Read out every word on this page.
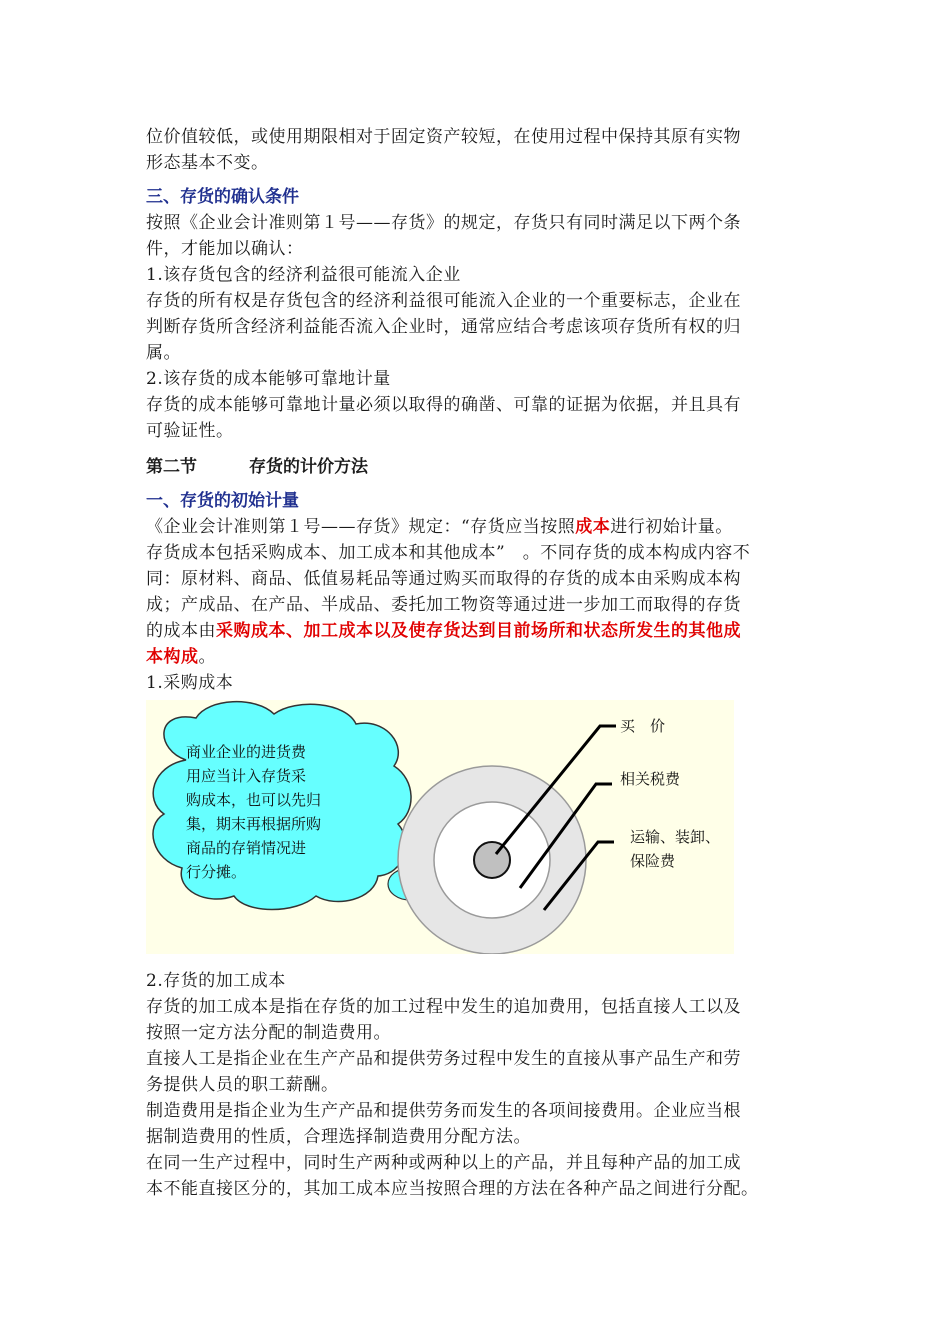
位价值较低，或使用期限相对于固定资产较短，在使用过程中保持其原有实物
形态基本不变。
三、存货的确认条件
按照《企业会计准则第１号——存货》的规定，存货只有同时满足以下两个条
件，才能加以确认：
1.该存货包含的经济利益很可能流入企业
存货的所有权是存货包含的经济利益很可能流入企业的一个重要标志，企业在
判断存货所含经济利益能否流入企业时，通常应结合考虑该项存货所有权的归
属。
2.该存货的成本能够可靠地计量
存货的成本能够可靠地计量必须以取得的确凿、可靠的证据为依据，并且具有
可验证性。
第二节	存货的计价方法
一、存货的初始计量
《企业会计准则第１号——存货》规定：“存货应当按照成本进行初始计量。
存货成本包括采购成本、加工成本和其他成本”　。不同存货的成本构成内容不
同：原材料、商品、低值易耗品等通过购买而取得的存货的成本由采购成本构
成；产成品、在产品、半成品、委托加工物资等通过进一步加工而取得的存货
的成本由采购成本、加工成本以及使存货达到目前场所和状态所发生的其他成
本构成。
1.采购成本
商业企业的进货费
用应当计入存货采
购成本，也可以先归
集，期末再根据所购
商品的存销情况进
行分摊。
买　价
相关税费
运输、装卸、
保险费
2.存货的加工成本
存货的加工成本是指在存货的加工过程中发生的追加费用，包括直接人工以及
按照一定方法分配的制造费用。
直接人工是指企业在生产产品和提供劳务过程中发生的直接从事产品生产和劳
务提供人员的职工薪酬。
制造费用是指企业为生产产品和提供劳务而发生的各项间接费用。企业应当根
据制造费用的性质，合理选择制造费用分配方法。
在同一生产过程中，同时生产两种或两种以上的产品，并且每种产品的加工成
本不能直接区分的，其加工成本应当按照合理的方法在各种产品之间进行分配。
